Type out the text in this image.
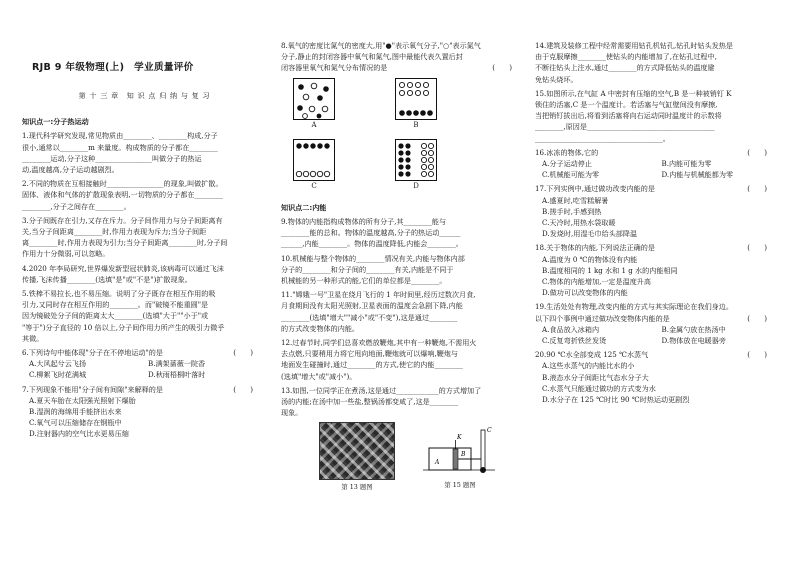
RJB 9 年级物理(上)　学业质量评价
第 十 三 章　知 识 点 归 纳 与 复 习
知识点一:分子热运动
1.现代科学研究发现,常见物质由________、________构成,分子
很小,通常以________m 来量度。构成物质的分子都在________
________运动,分子这种________________叫做分子的热运
动,温度越高,分子运动越剧烈。
2.不同的物质在互相接触时________________的现象,叫做扩散。
固体、液体和气体的扩散现象表明,一切物质的分子都在________
________,分子之间存在________。
3.分子间既存在引力,又存在斥力。分子间作用力与分子间距离有
关,当分子间距离________时,作用力表现为斥力;当分子间距
离________时,作用力表现为引力;当分子间距离________时,分子间
作用力十分微弱,可以忽略。
4.2020 年李局研究,世界爆发新型冠状肺炎,该病毒可以通过飞沫
传播,飞沫传播________(选填"是"或"不是")扩散现象。
5.铁棒不易拉长,也不易压缩。说明了分子既存在相互作用的吸
引力,又同时存在相互作用的________。而"破镜不能重圆"是
因为镜破处分子间的距离太大________(选填"大于""小于"或
"等于")分子直径的 10 倍以上,分子间作用力所产生的吸引力微乎
其微。
6.下列诗句中能体现"分子在不停地运动"的是	(　　)
A.大风起兮云飞扬	B.满架蔷薇一院香
C.柳絮飞时花满城	D.秋雨梧桐叶落时
7.下列现象不能用"分子间有间隙"来解释的是	(　　)
A.夏天车胎在太阳强光照射下爆胎
B.湿润的海绵用手能挤出水来
C.氧气可以压缩储存在钢瓶中
D.注射器内的空气比水更易压缩
8.氧气的密度比氮气的密度大,用"●"表示氧气分子,"○"表示氮气
分子,静止的封闭容器中氧气和氮气,图中最能代表久置后封
闭容器里氧气和氮气分布情况的是	(　　)
A	B
C	D
知识点二:内能
9.物体的内能指构成物体的所有分子,其________能与
________能的总和。物体的温度越高,分子的热运动______
______,内能________。物体的温度降低,内能会________。
10.机械能与整个物体的________情况有关,内能与物体内部
分子的________和分子间的________有关,内能是不同于
机械能的另一种形式的能,它们的单位都是________。
11."嫦娥一号"卫星在绕月飞行的 1 年时间里,经历过数次月食,
月食期间没有太阳光照射,卫星表面的温度会急剧下降,内能
________(选填"增大""减小"或"不变"),这是通过________
的方式改变物体的内能。
12.过春节时,同学们总喜欢燃放鞭炮,其中有一种鞭炮,不需用火
去点燃,只要稍用力将它甩向地面,鞭炮就可以爆响,鞭炮与
地面发生碰撞时,通过________的方式,使它的内能________
(选填"增大"或"减小")。
13.如图,一位同学正在煮汤,这是通过____________的方式增加了
汤的内能;在汤中加一些盐,整锅汤都变咸了,这是________
现象。
第 13 题图
K
A
B
C
第 15 题图
14.建筑及装修工程中经常需要用钻孔机钻孔,钻孔时钻头发热是
由于克服摩擦________使钻头的内能增加了,在钻孔过程中,
不断往钻头上注水,通过________的方式降低钻头的温度避
免钻头烧坏。
15.如图所示,在气缸 A 中密封有压缩的空气,B 是一种被销钉 K
锁住的活塞,C 是一个温度计。若活塞与气缸壁间没有摩擦,
当把销钉拔出后,将看到活塞将向右运动同时温度计的示数将
________,原因是____________________________________
____________________________________。
16.冰冻的物体,它的	(　　)
A.分子运动停止	B.内能可能为零
C.机械能可能为零	D.内能与机械能都为零
17.下列实例中,通过做功改变内能的是	(　　)
A.盛夏时,吃雪糕解暑
B.搓手时,手感到热
C.天冷时,用热水袋取暖
D.发烧时,用湿毛巾给头部降温
18.关于物体的内能,下列说法正确的是	(　　)
A.温度为 0 ℃的物体没有内能
B.温度相同的 1 kg 水和 1 g 水的内能相同
C.物体的内能增加,一定是温度升高
D.做功可以改变物体的内能
19.生活处处有物理,改变内能的方式与其实际理论在我们身边。
以下四个事例中通过做功改变物体内能的是	(　　)
A.食品放入冰箱内	B.金属勺放在热汤中
C.反复弯折铁丝发烫	D.物体放在电暖器旁
20.90 ℃水全部变成 125 ℃水蒸气	(　　)
A.这些水蒸气的内能比水的小
B.液态水分子间距比气态水分子大
C.水蒸气只能通过做功的方式变为水
D.水分子在 125 ℃时比 90 ℃时热运动更剧烈
